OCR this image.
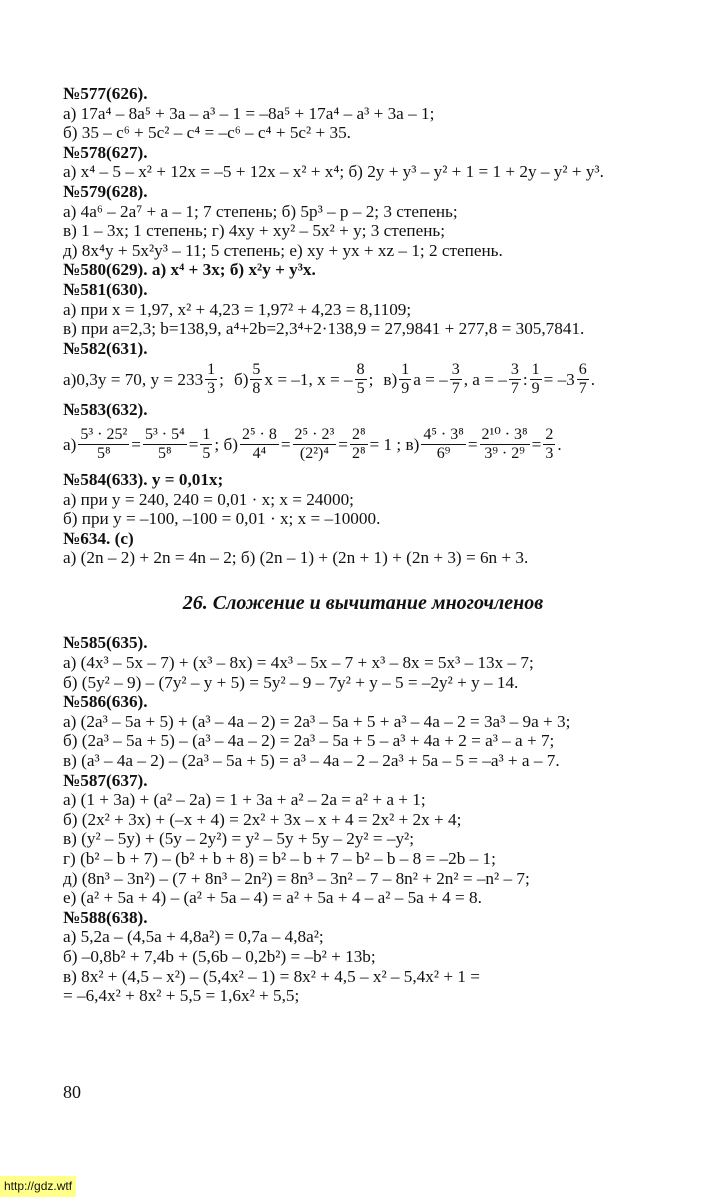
№577(626).
а) 17a⁴ – 8a⁵ + 3a – a³ – 1 = –8a⁵ + 17a⁴ – a³ + 3a – 1;
б) 35 – c⁶ + 5c² – c⁴ = –c⁶ – c⁴ + 5c² + 35.
№578(627).
а) x⁴ – 5 – x² + 12x = –5 + 12x – x² + x⁴; б) 2y + y³ – y² + 1 = 1 + 2y – y² + y³.
№579(628).
а) 4a⁶ – 2a⁷ + a – 1; 7 степень; б) 5p³ – p – 2; 3 степень;
в) 1 – 3x; 1 степень; г) 4xy + xy² – 5x² + y; 3 степень;
д) 8x⁴y + 5x²y³ – 11; 5 степень; е) xy + yx + xz – 1; 2 степень.
№580(629). а) x⁴ + 3x; б) x²y + y³x.
№581(630).
а) при x = 1,97, x² + 4,23 = 1,97² + 4,23 = 8,1109;
в) при a=2,3; b=138,9, a⁴+2b=2,3⁴+2·138,9 = 27,9841 + 277,8 = 305,7841.
№582(631).
а)0,3y = 70, $y = 233 \frac{1}{3}$ ; $б) \frac{5}{8}$ x = –1, x = – $\frac{8}{5}$ ; $в) \frac{1}{9}$ a = – $\frac{3}{7}$ , a = – $\frac{3}{7}$ : $\frac{1}{9} = -3 \frac{6}{7}$ .
№583(632).
$а) \frac{\text{5³ · 25²}}{\text{5⁸}} = \frac{\text{5³ · 5⁴}}{\text{5⁸}} = \frac{1}{5}$ ; $б) \frac{\text{2⁵ · 8}}{\text{4⁴}} = \frac{\text{2⁵ · 2³}}{\text{(2²)⁴}} = \frac{\text{2⁸}}{\text{2⁸}} = 1$ ; $в) \frac{\text{4⁵ · 3⁸}}{\text{6⁹}} = \frac{\text{2¹⁰ · 3⁸}}{\text{3⁹ · 2⁹}} = \frac{2}{3}$ .
№584(633). y = 0,01x;
а) при y = 240, 240 = 0,01 · x; x = 24000;
б) при y = –100, –100 = 0,01 · x; x = –10000.
№634. (с)
а) (2n – 2) + 2n = 4n – 2; б) (2n – 1) + (2n + 1) + (2n + 3) = 6n + 3.
26. Сложение и вычитание многочленов
№585(635).
а) (4x³ – 5x – 7) + (x³ – 8x) = 4x³ – 5x – 7 + x³ – 8x = 5x³ – 13x – 7;
б) (5y² – 9) – (7y² – y + 5) = 5y² – 9 – 7y² + y – 5 = –2y² + y – 14.
№586(636).
а) (2a³ – 5a + 5) + (a³ – 4a – 2) = 2a³ – 5a + 5 + a³ – 4a – 2 = 3a³ – 9a + 3;
б) (2a³ – 5a + 5) – (a³ – 4a – 2) = 2a³ – 5a + 5 – a³ + 4a + 2 = a³ – a + 7;
в) (a³ – 4a – 2) – (2a³ – 5a + 5) = a³ – 4a – 2 – 2a³ + 5a – 5 = –a³ + a – 7.
№587(637).
а) (1 + 3a) + (a² – 2a) = 1 + 3a + a² – 2a = a² + a + 1;
б) (2x² + 3x) + (–x + 4) = 2x² + 3x – x + 4 = 2x² + 2x + 4;
в) (y² – 5y) + (5y – 2y²) = y² – 5y + 5y – 2y² = –y²;
г) (b² – b + 7) – (b² + b + 8) = b² – b + 7 – b² – b – 8 = –2b – 1;
д) (8n³ – 3n²) – (7 + 8n³ – 2n²) = 8n³ – 3n² – 7 – 8n² + 2n² = –n² – 7;
е) (a² + 5a + 4) – (a² + 5a – 4) = a² + 5a + 4 – a² – 5a + 4 = 8.
№588(638).
а) 5,2a – (4,5a + 4,8a²) = 0,7a – 4,8a²;
б) –0,8b² + 7,4b + (5,6b – 0,2b²) = –b² + 13b;
в) 8x² + (4,5 – x²) – (5,4x² – 1) = 8x² + 4,5 – x² – 5,4x² + 1 =
= –6,4x² + 8x² + 5,5 = 1,6x² + 5,5;
80
http://gdz.wtf
